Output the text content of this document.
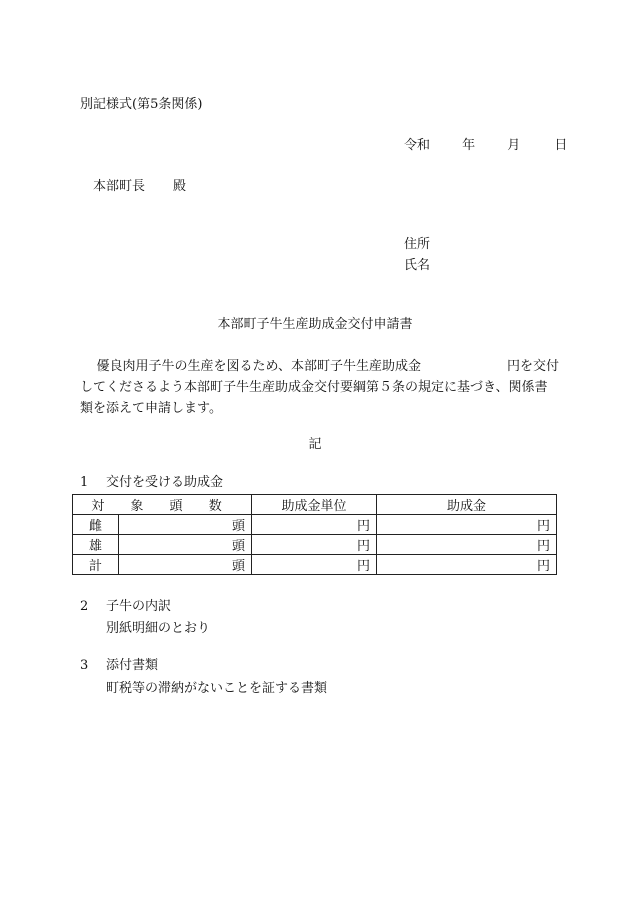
別記様式(第5条関係)
令和 年 月	日
本部町長 殿
住所
氏名
本部町子牛生産助成金交付申請書
優良肉用子牛の生産を図るため、本部町子牛生産助成金	円を交付してくださるよう本部町子牛生産助成金交付要綱第５条の規定に基づき、関係書類を添えて申請します。
記
1 交付を受ける助成金
対 象 頭 数		助成金単位	助成金
雌	頭	円	円
雄	頭	円	円
計	頭	円	円
2 子牛の内訳
別紙明細のとおり
3 添付書類
町税等の滞納がないことを証する書類
